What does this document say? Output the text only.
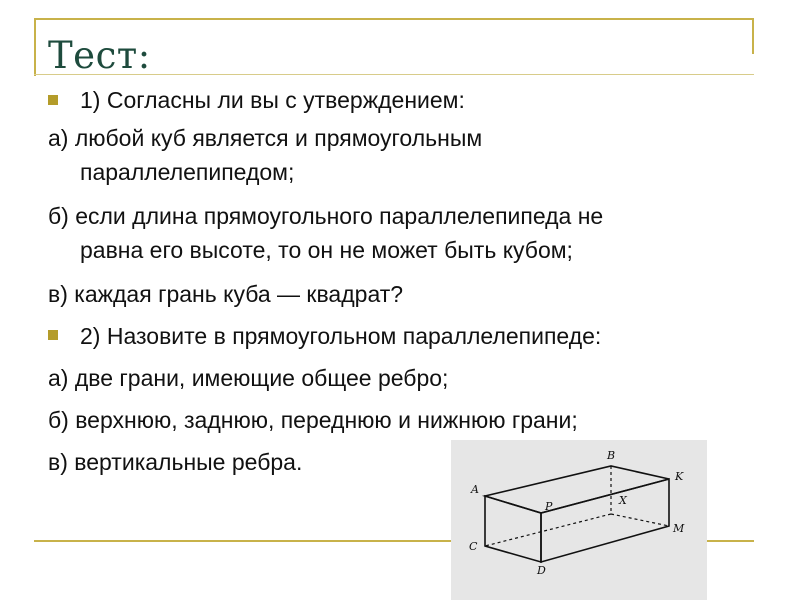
Тест:
1) Согласны ли вы с утверждением:
а) любой куб является и прямоугольным
параллелепипедом;
б) если длина прямоугольного параллелепипеда не
равна его высоте, то он не может быть кубом;
в) каждая грань куба — квадрат?
2) Назовите в прямоугольном параллелепипеде:
а) две грани, имеющие общее ребро;
б) верхнюю, заднюю, переднюю и нижнюю грани;
в) вертикальные ребра.
A
B
K
P	X
C
D
M
